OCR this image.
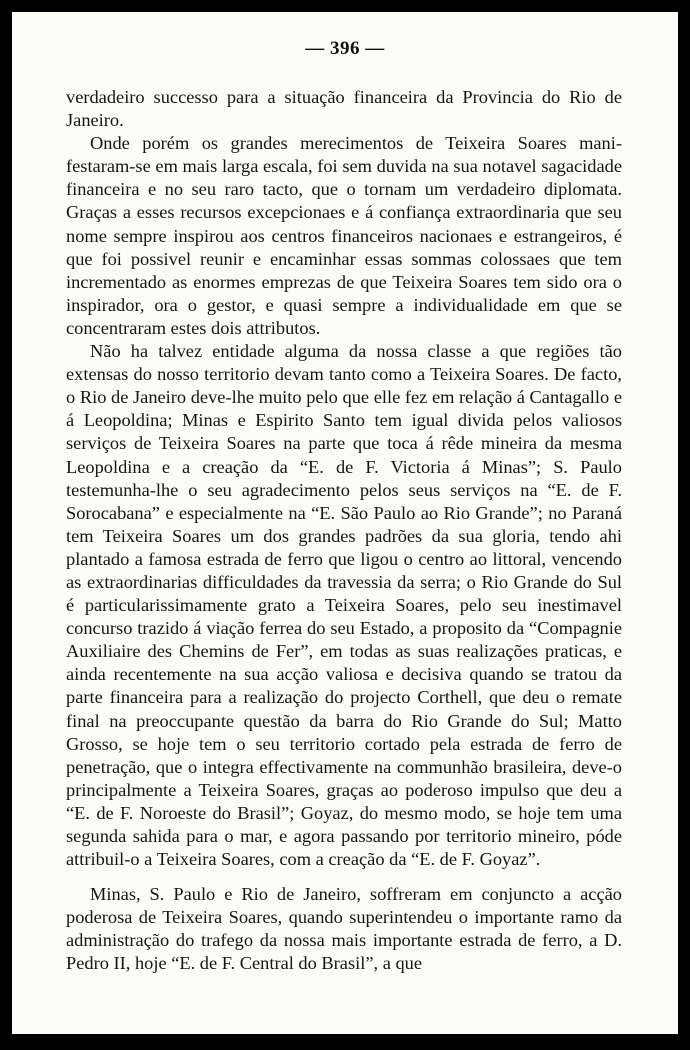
— 396 —

verdadeiro successo para a situação financeira da Provincia do Rio de Janeiro.

Onde porém os grandes merecimentos de Teixeira Soares manifestaram-se em mais larga escala, foi sem duvida na sua notavel sagacidade financeira e no seu raro tacto, que o tornam um verdadeiro diplomata. Graças a esses recursos excepcionaes e á confiança extraordinaria que seu nome sempre inspirou aos centros financeiros nacionaes e estrangeiros, é que foi possivel reunir e encaminhar essas sommas colossaes que tem incrementado as enormes emprezas de que Teixeira Soares tem sido ora o inspirador, ora o gestor, e quasi sempre a individualidade em que se concentraram estes dois attributos.

Não ha talvez entidade alguma da nossa classe a que regiões tão extensas do nosso territorio devam tanto como a Teixeira Soares. De facto, o Rio de Janeiro deve-lhe muito pelo que elle fez em relação á Cantagallo e á Leopoldina; Minas e Espirito Santo tem igual divida pelos valiosos serviços de Teixeira Soares na parte que toca á rêde mineira da mesma Leopoldina e a creação da “E. de F. Victoria á Minas”; S. Paulo testemunha-lhe o seu agradecimento pelos seus serviços na “E. de F. Sorocabana” e especialmente na “E. São Paulo ao Rio Grande”; no Paraná tem Teixeira Soares um dos grandes padrões da sua gloria, tendo ahi plantado a famosa estrada de ferro que ligou o centro ao littoral, vencendo as extraordinarias difficuldades da travessia da serra; o Rio Grande do Sul é particularissimamente grato a Teixeira Soares, pelo seu inestimavel concurso trazido á viação ferrea do seu Estado, a proposito da “Compagnie Auxiliaire des Chemins de Fer”, em todas as suas realizações praticas, e ainda recentemente na sua acção valiosa e decisiva quando se tratou da parte financeira para a realização do projecto Corthell, que deu o remate final na preoccupante questão da barra do Rio Grande do Sul; Matto Grosso, se hoje tem o seu territorio cortado pela estrada de ferro de penetração, que o integra effectivamente na communhão brasileira, deve-o principalmente a Teixeira Soares, graças ao poderoso impulso que deu a “E. de F. Noroeste do Brasil”; Goyaz, do mesmo modo, se hoje tem uma segunda sahida para o mar, e agora passando por territorio mineiro, póde attribuil-o a Teixeira Soares, com a creação da “E. de F. Goyaz”.

Minas, S. Paulo e Rio de Janeiro, soffreram em conjuncto a acção poderosa de Teixeira Soares, quando superintendeu o importante ramo da administração do trafego da nossa mais importante estrada de ferro, a D. Pedro II, hoje “E. de F. Central do Brasil”, a que
